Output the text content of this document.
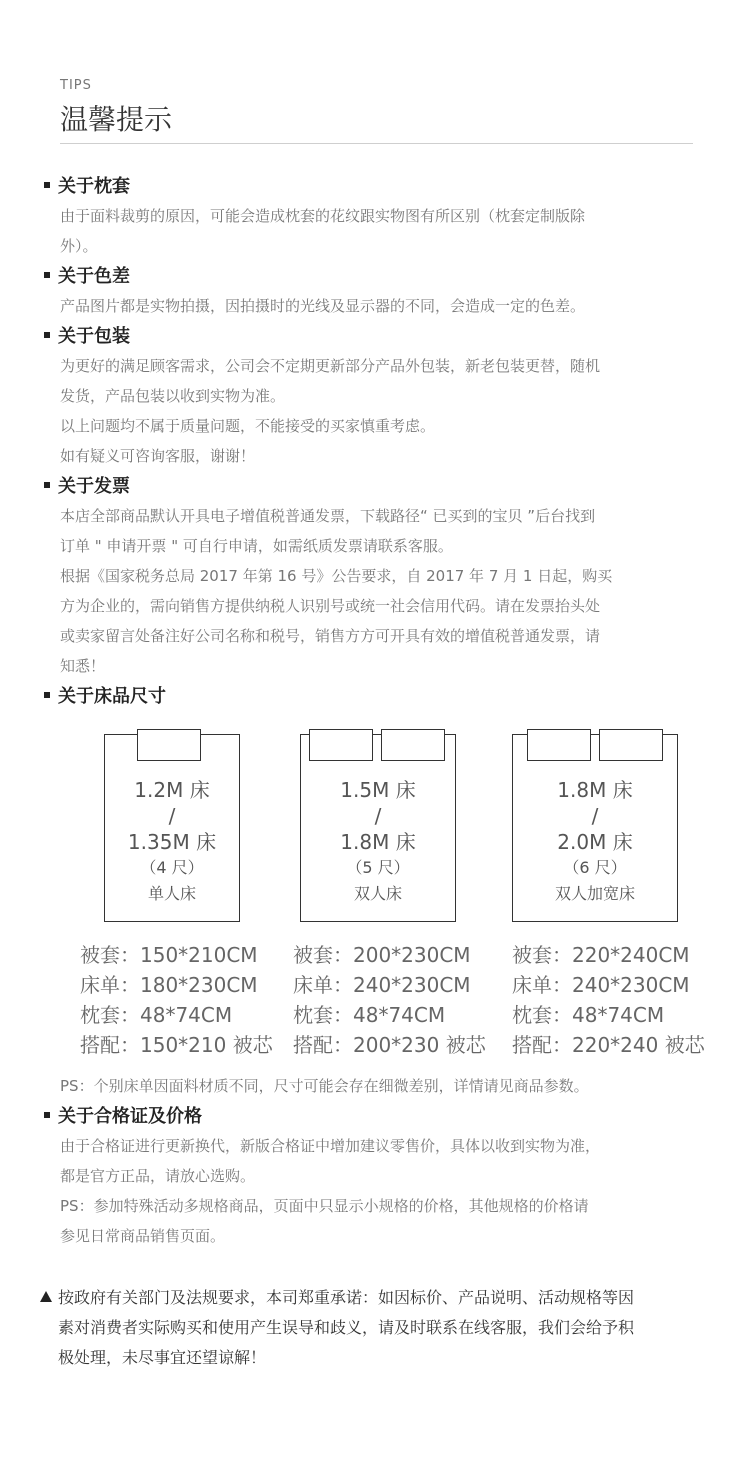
TIPS
温馨提示
关于枕套
由于面料裁剪的原因，可能会造成枕套的花纹跟实物图有所区别（枕套定制版除
外）。
关于色差
产品图片都是实物拍摄，因拍摄时的光线及显示器的不同，会造成一定的色差。
关于包装
为更好的满足顾客需求，公司会不定期更新部分产品外包装，新老包装更替，随机
发货，产品包装以收到实物为准。
以上问题均不属于质量问题，不能接受的买家慎重考虑。
如有疑义可咨询客服，谢谢！
关于发票
本店全部商品默认开具电子增值税普通发票，下载路径“ 已买到的宝贝 ”后台找到
订单 " 申请开票 " 可自行申请，如需纸质发票请联系客服。
根据《国家税务总局 2017 年第 16 号》公告要求，自 2017 年 7 月 1 日起，购买
方为企业的，需向销售方提供纳税人识别号或统一社会信用代码。请在发票抬头处
或卖家留言处备注好公司名称和税号，销售方方可开具有效的增值税普通发票，请
知悉！
关于床品尺寸
1.2M 床
/
1.35M 床
（4 尺）
单人床
1.5M 床
/
1.8M 床
（5 尺）
双人床
1.8M 床
/
2.0M 床
（6 尺）
双人加宽床
被套：150*210CM
床单：180*230CM
枕套：48*74CM
搭配：150*210 被芯
被套：200*230CM
床单：240*230CM
枕套：48*74CM
搭配：200*230 被芯
被套：220*240CM
床单：240*230CM
枕套：48*74CM
搭配：220*240 被芯
PS：个别床单因面料材质不同，尺寸可能会存在细微差别，详情请见商品参数。
关于合格证及价格
由于合格证进行更新换代，新版合格证中增加建议零售价，具体以收到实物为准，
都是官方正品，请放心选购。
PS：参加特殊活动多规格商品，页面中只显示小规格的价格，其他规格的价格请
参见日常商品销售页面。
按政府有关部门及法规要求，本司郑重承诺：如因标价、产品说明、活动规格等因
素对消费者实际购买和使用产生误导和歧义，请及时联系在线客服，我们会给予积
极处理，未尽事宜还望谅解！
